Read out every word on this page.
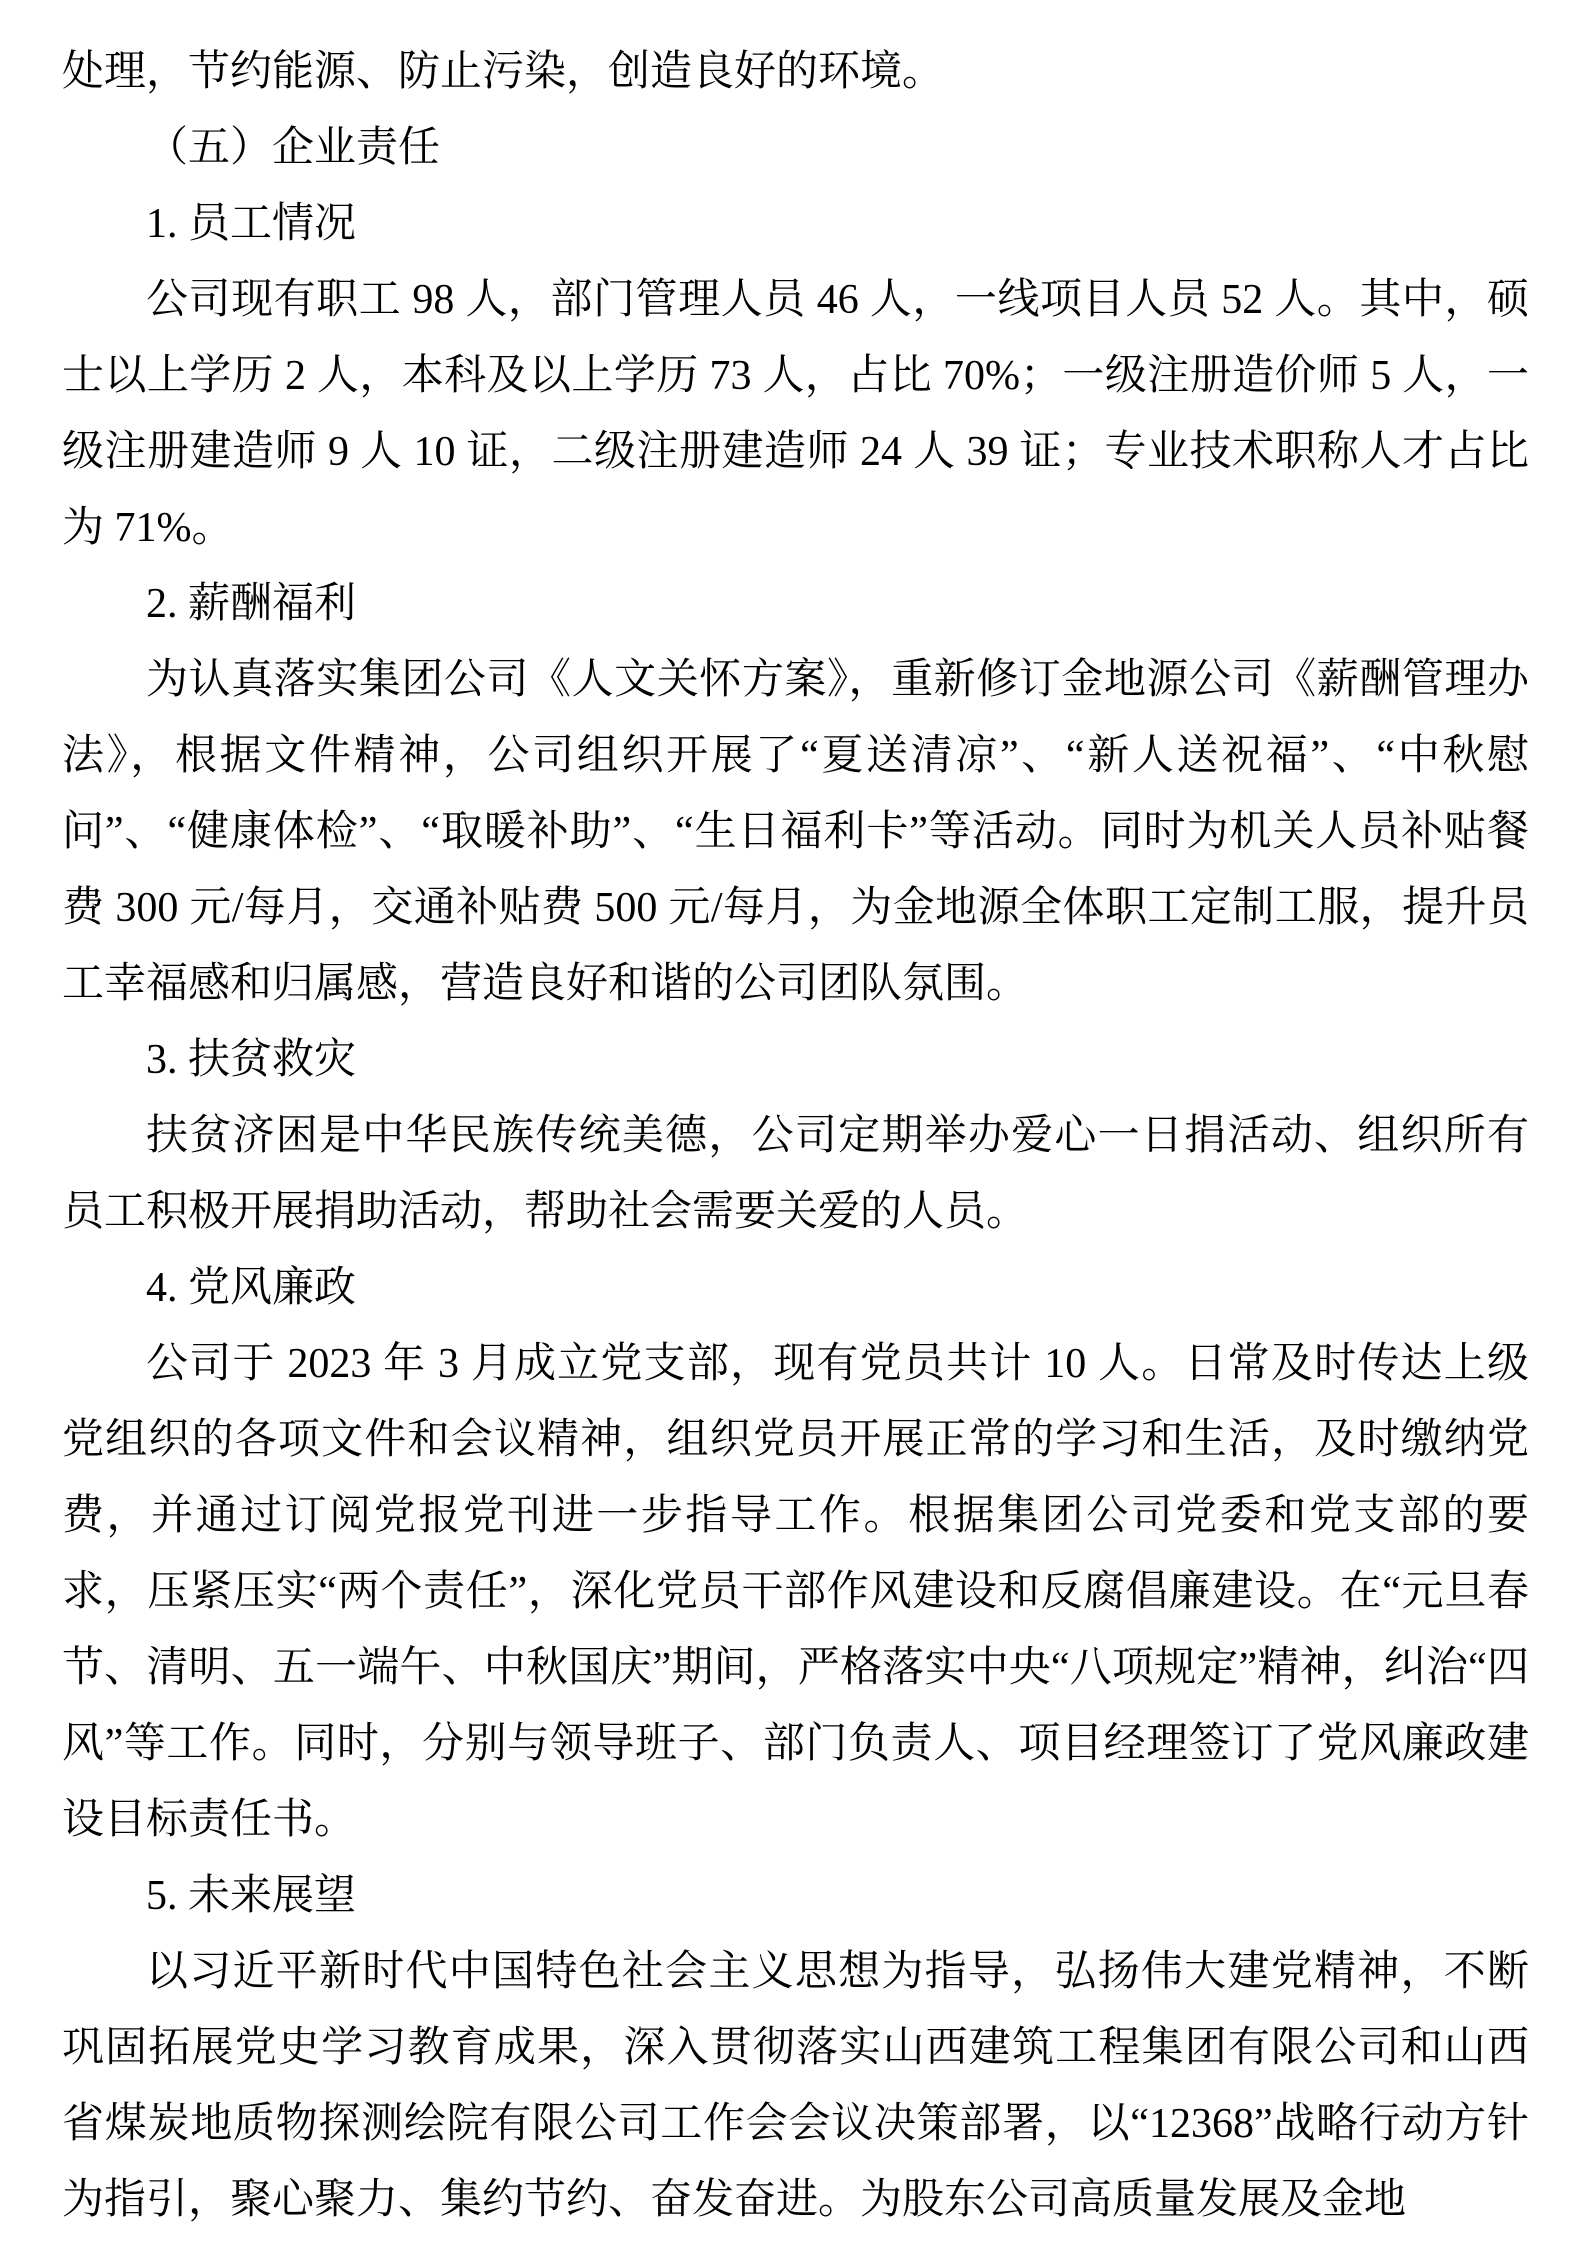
处理，节约能源、防止污染，创造良好的环境。

（五）企业责任

1. 员工情况

公司现有职工 98 人，部门管理人员 46 人，一线项目人员 52 人。其中，硕士以上学历 2 人，本科及以上学历 73 人，占比 70%；一级注册造价师 5 人，一级注册建造师 9 人 10 证，二级注册建造师 24 人 39 证；专业技术职称人才占比为 71%。

2. 薪酬福利

为认真落实集团公司《人文关怀方案》，重新修订金地源公司《薪酬管理办法》，根据文件精神，公司组织开展了“夏送清凉”、“新人送祝福”、“中秋慰问”、“健康体检”、“取暖补助”、“生日福利卡”等活动。同时为机关人员补贴餐费 300 元/每月，交通补贴费 500 元/每月，为金地源全体职工定制工服，提升员工幸福感和归属感，营造良好和谐的公司团队氛围。

3. 扶贫救灾

扶贫济困是中华民族传统美德，公司定期举办爱心一日捐活动、组织所有员工积极开展捐助活动，帮助社会需要关爱的人员。

4. 党风廉政

公司于 2023 年 3 月成立党支部，现有党员共计 10 人。日常及时传达上级党组织的各项文件和会议精神，组织党员开展正常的学习和生活，及时缴纳党费，并通过订阅党报党刊进一步指导工作。根据集团公司党委和党支部的要求，压紧压实“两个责任”，深化党员干部作风建设和反腐倡廉建设。在“元旦春节、清明、五一端午、中秋国庆”期间，严格落实中央“八项规定”精神，纠治“四风”等工作。同时，分别与领导班子、部门负责人、项目经理签订了党风廉政建设目标责任书。

5. 未来展望

以习近平新时代中国特色社会主义思想为指导，弘扬伟大建党精神，不断巩固拓展党史学习教育成果，深入贯彻落实山西建筑工程集团有限公司和山西省煤炭地质物探测绘院有限公司工作会会议决策部署，以“12368”战略行动方针为指引，聚心聚力、集约节约、奋发奋进。为股东公司高质量发展及金地
